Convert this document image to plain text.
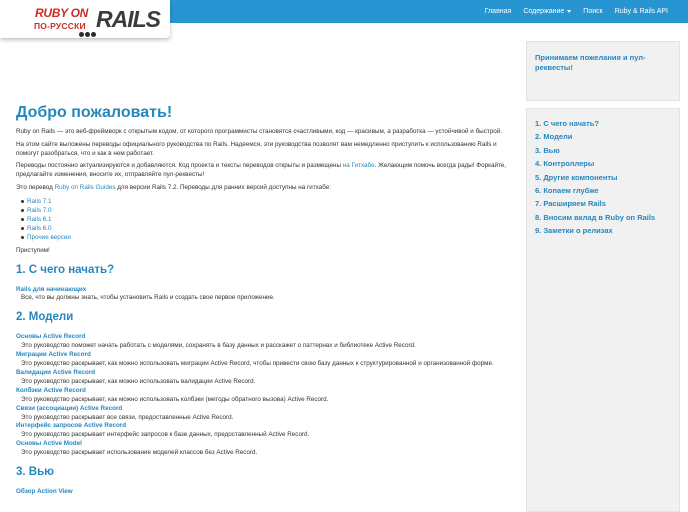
RUBY ON
ПО-РУССКИ RAILS	Главная Содержание	Поиск Ruby & Rails API
Добро пожаловать!

Ruby on Rails — это веб-фреймворк с открытым кодом, от которого программисты становятся счастливыми, код — красивым, а разработка — устойчивой и быстрой.

На этом сайте выложены переводы официального руководства по Rails. Надеемся, эти руководства позволят вам немедленно приступить к использованию Rails и помогут разобраться, что и как в нем работает.

Переводы постоянно актуализируются и добавляются. Код проекта и тексты переводов открыты и размещены на Гитхабе. Желающим помочь всегда рады! Форкайте, предлагайте изменения, вносите их, отправляйте пул-реквесты!

Это перевод Ruby on Rails Guides для версии Rails 7.2. Переводы для ранних версий доступны на гитхабе:

Rails 7.1
Rails 7.0
Rails 6.1
Rails 6.0
Прочие версии

Приступим!

1. С чего начать?
Rails для начинающих
Все, что вы должны знать, чтобы установить Rails и создать свое первое приложение.
2. Модели
Основы Active Record
Это руководство поможет начать работать с моделями, сохранять в базу данных и расскажет о паттернах и библиотеке Active Record.
Миграции Active Record
Это руководство раскрывает, как можно использовать миграции Active Record, чтобы привести свою базу данных к структурированной и организованной форме.
Валидации Active Record
Это руководство раскрывает, как можно использовать валидации Active Record.
Колбэки Active Record
Это руководство раскрывает, как можно использовать колбэки (методы обратного вызова) Active Record.
Связи (ассоциации) Active Record
Это руководство раскрывает все связи, предоставленные Active Record.
Интерфейс запросов Active Record
Это руководство раскрывает интерфейс запросов к базе данных, предоставленный Active Record.
Основы Active Model
Это руководство раскрывает использование моделей классов без Active Record.
3. Вью
Обзор Action View
Принимаем пожелания и пул-реквесты!
1. С чего начать?
2. Модели
3. Вью
4. Контроллеры
5. Другие компоненты
6. Копаем глубже
7. Расширяем Rails
8. Вносим вклад в Ruby on Rails
9. Заметки о релизах
